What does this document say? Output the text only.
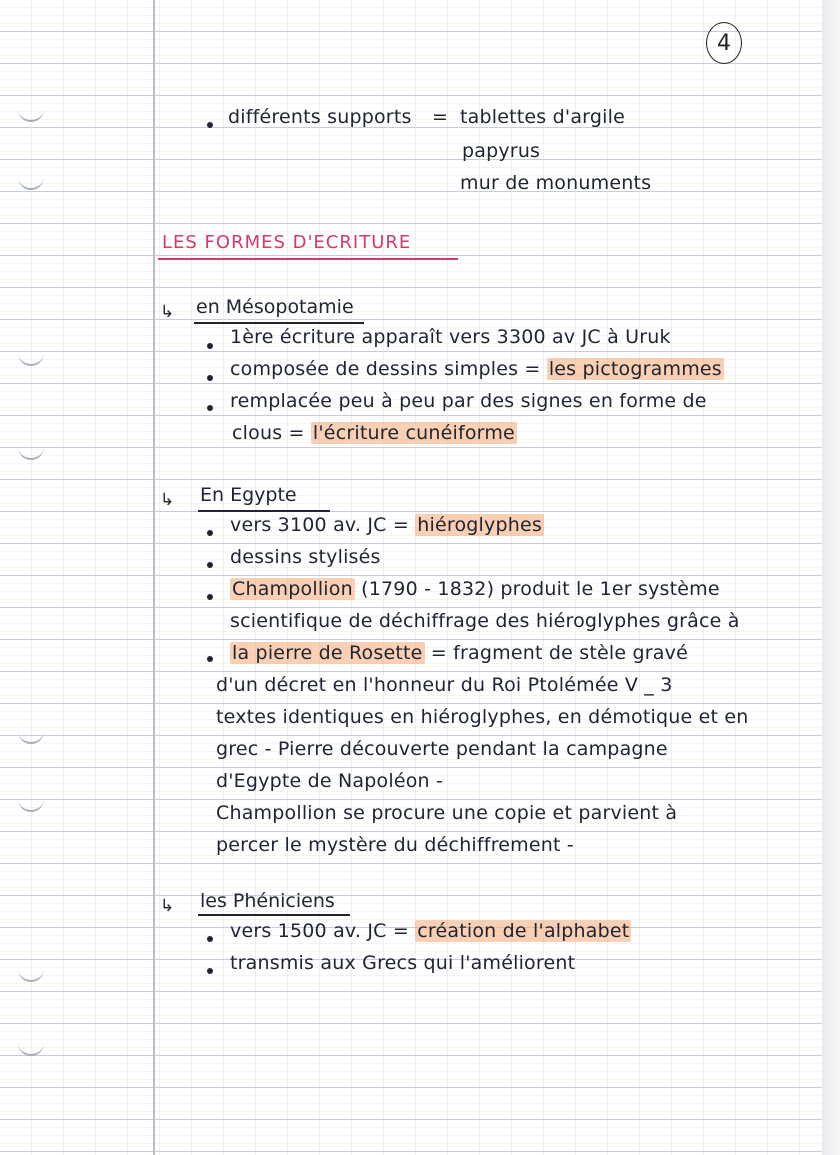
4
différents supports = tablettes d'argile
papyrus
mur de monuments
LES FORMES D'ECRITURE
↳ en Mésopotamie
1ère écriture apparaît vers 3300 av JC à Uruk
composée de dessins simples = les pictogrammes
remplacée peu à peu par des signes en forme de
clous = l'écriture cunéiforme
↳ En Egypte
vers 3100 av. JC = hiéroglyphes
dessins stylisés
Champollion (1790 - 1832) produit le 1er système
scientifique de déchiffrage des hiéroglyphes grâce à
la pierre de Rosette = fragment de stèle gravé
d'un décret en l'honneur du Roi Ptolémée V _ 3
textes identiques en hiéroglyphes, en démotique et en
grec - Pierre découverte pendant la campagne
d'Egypte de Napoléon -
Champollion se procure une copie et parvient à
percer le mystère du déchiffrement -
↳ les Phéniciens
vers 1500 av. JC = création de l'alphabet
transmis aux Grecs qui l'améliorent
